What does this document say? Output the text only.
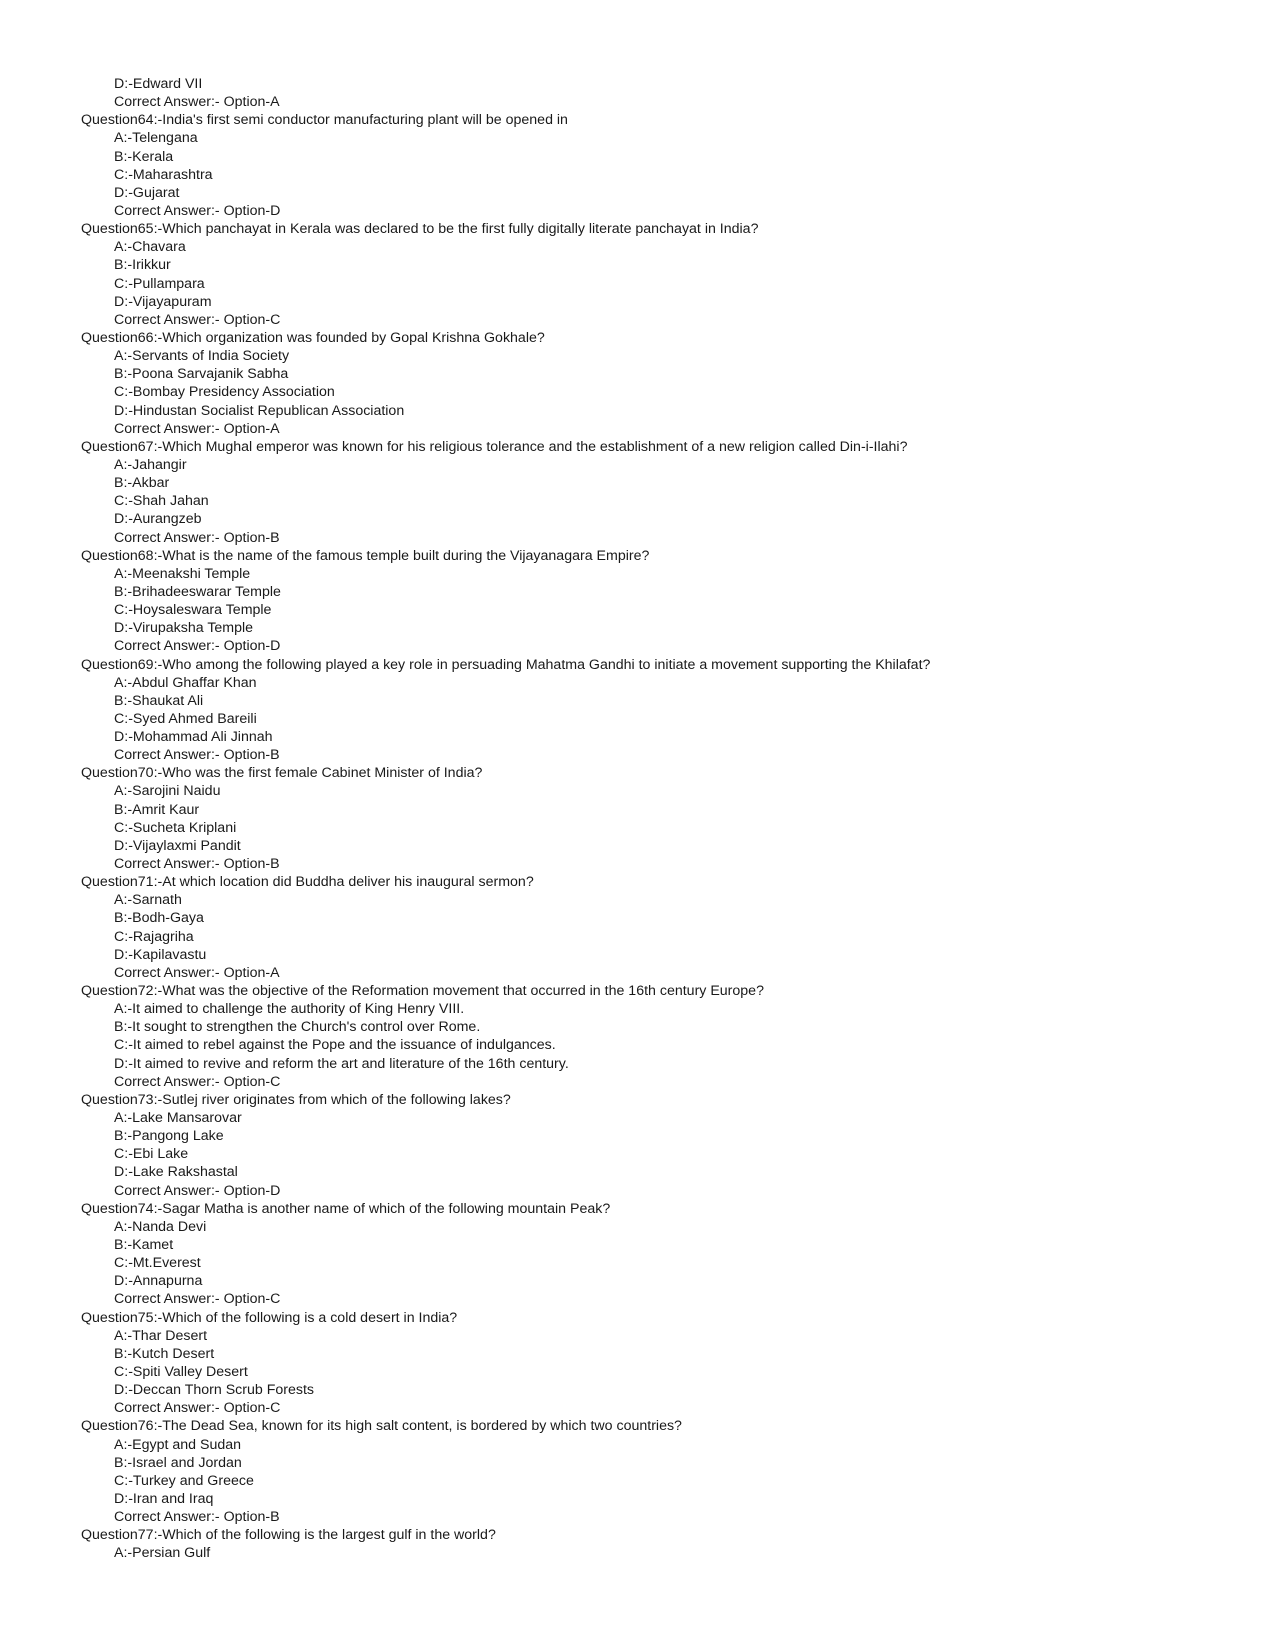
D:-Edward VII
Correct Answer:- Option-A
Question64:-India's first semi conductor manufacturing plant will be opened in
A:-Telengana
B:-Kerala
C:-Maharashtra
D:-Gujarat
Correct Answer:- Option-D
Question65:-Which panchayat in Kerala was declared to be the first fully digitally literate panchayat in India?
A:-Chavara
B:-Irikkur
C:-Pullampara
D:-Vijayapuram
Correct Answer:- Option-C
Question66:-Which organization was founded by Gopal Krishna Gokhale?
A:-Servants of India Society
B:-Poona Sarvajanik Sabha
C:-Bombay Presidency Association
D:-Hindustan Socialist Republican Association
Correct Answer:- Option-A
Question67:-Which Mughal emperor was known for his religious tolerance and the establishment of a new religion called Din-i-Ilahi?
A:-Jahangir
B:-Akbar
C:-Shah Jahan
D:-Aurangzeb
Correct Answer:- Option-B
Question68:-What is the name of the famous temple built during the Vijayanagara Empire?
A:-Meenakshi Temple
B:-Brihadeeswarar Temple
C:-Hoysaleswara Temple
D:-Virupaksha Temple
Correct Answer:- Option-D
Question69:-Who among the following played a key role in persuading Mahatma Gandhi to initiate a movement supporting the Khilafat?
A:-Abdul Ghaffar Khan
B:-Shaukat Ali
C:-Syed Ahmed Bareili
D:-Mohammad Ali Jinnah
Correct Answer:- Option-B
Question70:-Who was the first female Cabinet Minister of India?
A:-Sarojini Naidu
B:-Amrit Kaur
C:-Sucheta Kriplani
D:-Vijaylaxmi Pandit
Correct Answer:- Option-B
Question71:-At which location did Buddha deliver his inaugural sermon?
A:-Sarnath
B:-Bodh-Gaya
C:-Rajagriha
D:-Kapilavastu
Correct Answer:- Option-A
Question72:-What was the objective of the Reformation movement that occurred in the 16th century Europe?
A:-It aimed to challenge the authority of King Henry VIII.
B:-It sought to strengthen the Church's control over Rome.
C:-It aimed to rebel against the Pope and the issuance of indulgances.
D:-It aimed to revive and reform the art and literature of the 16th century.
Correct Answer:- Option-C
Question73:-Sutlej river originates from which of the following lakes?
A:-Lake Mansarovar
B:-Pangong Lake
C:-Ebi Lake
D:-Lake Rakshastal
Correct Answer:- Option-D
Question74:-Sagar Matha is another name of which of the following mountain Peak?
A:-Nanda Devi
B:-Kamet
C:-Mt.Everest
D:-Annapurna
Correct Answer:- Option-C
Question75:-Which of the following is a cold desert in India?
A:-Thar Desert
B:-Kutch Desert
C:-Spiti Valley Desert
D:-Deccan Thorn Scrub Forests
Correct Answer:- Option-C
Question76:-The Dead Sea, known for its high salt content, is bordered by which two countries?
A:-Egypt and Sudan
B:-Israel and Jordan
C:-Turkey and Greece
D:-Iran and Iraq
Correct Answer:- Option-B
Question77:-Which of the following is the largest gulf in the world?
A:-Persian Gulf
